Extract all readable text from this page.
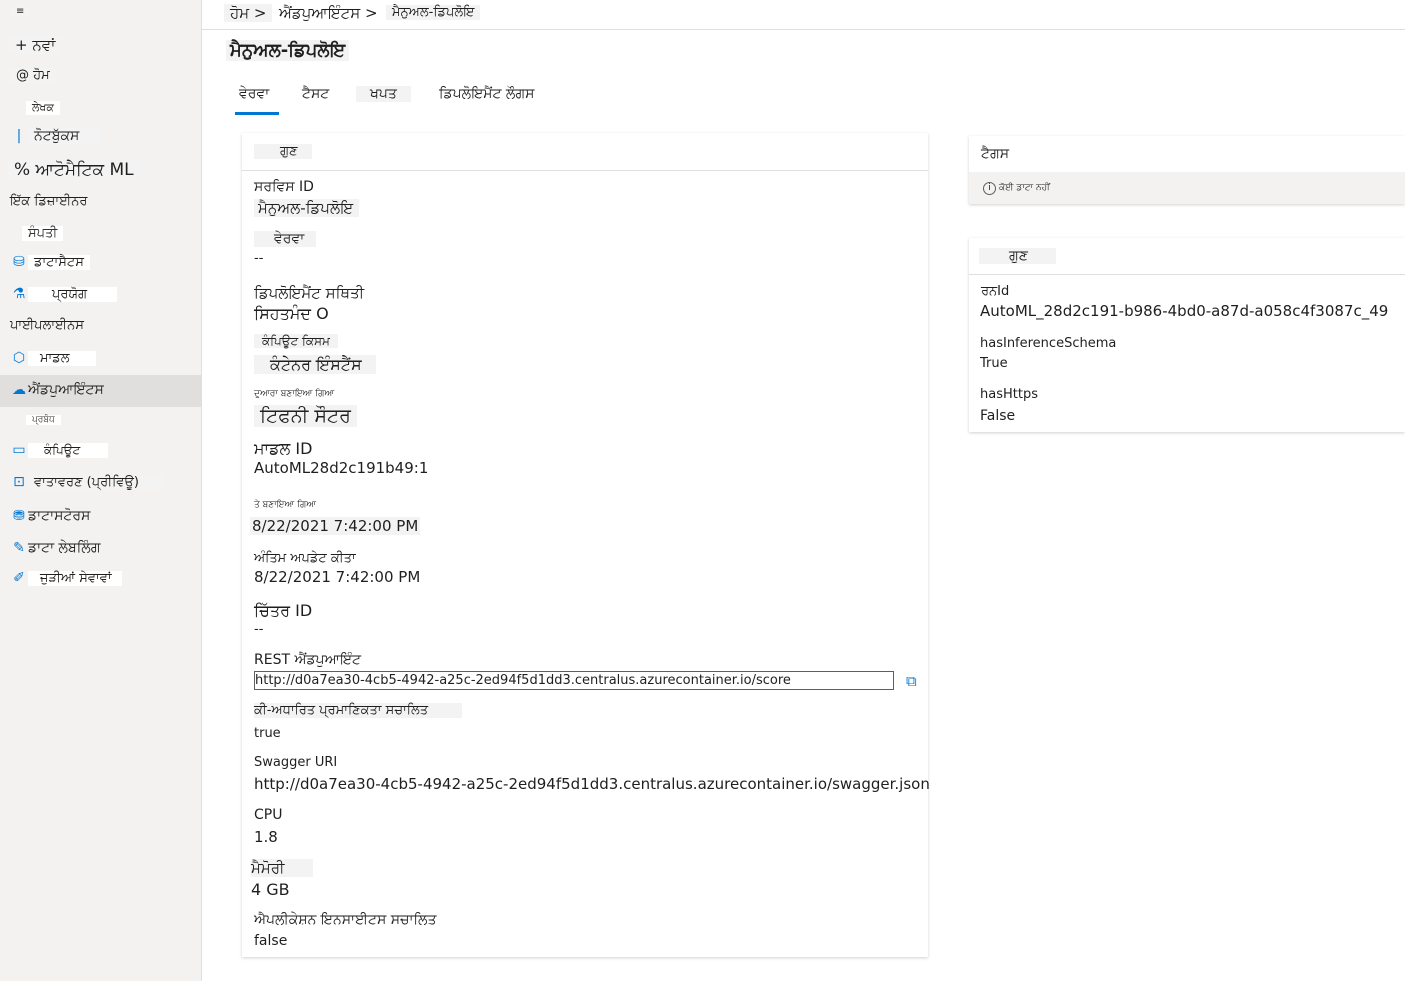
≡
+ ਨਵਾਂ
@ ਹੋਮ
ਲੇਖਕ
| ਨੋਟਬੁੱਕਸ
% ਆਟੋਮੈਟਿਕ ML
ਇੱਕ ਡਿਜ਼ਾਈਨਰ
ਸੰਪਤੀ
⛁ ਡਾਟਾਸੈਟਸ
⚗	ਪ੍ਰਯੋਗ
ਪਾਈਪਲਾਈਨਸ
⬡	ਮਾਡਲ
☁ ਐਂਡਪੁਆਇੰਟਸ
ਪ੍ਰਬੰਧ
▭	ਕੰਪਿਊਟ
⊡ ਵਾਤਾਵਰਣ (ਪ੍ਰੀਵਿਊ)
⛃ ਡਾਟਾਸਟੋਰਸ
✎ ਡਾਟਾ ਲੇਬਲਿੰਗ
✐	ਜੁੜੀਆਂ ਸੇਵਾਵਾਂ
ਹੋਮ > ਐਂਡਪੁਆਇੰਟਸ >	ਮੈਨੁਅਲ-ਡਿਪਲੋਇ
ਮੈਨੁਅਲ-ਡਿਪਲੋਇ
ਵੇਰਵਾ ਟੈਸਟ	ਖਪਤ	ਡਿਪਲੋਇਮੈਂਟ ਲੌਗਸ
ਗੁਣ
ਸਰਵਿਸ ID
ਮੈਨੁਅਲ-ਡਿਪਲੋਇ
ਵੇਰਵਾ
--
ਡਿਪਲੋਇਮੈਂਟ ਸਥਿਤੀ
ਸਿਹਤਮੰਦ O
ਕੰਪਿਊਟ ਕਿਸਮ
ਕੰਟੇਨਰ ਇੰਸਟੈਂਸ
ਦੁਆਰਾ ਬਣਾਇਆ ਗਿਆ
ਟਿਫਨੀ ਸੌਟਰ
ਮਾਡਲ ID
AutoML28d2c191b49:1
ਤੇ ਬਣਾਇਆ ਗਿਆ
8/22/2021 7:42:00 PM
ਅੰਤਿਮ ਅਪਡੇਟ ਕੀਤਾ
8/22/2021 7:42:00 PM
ਚਿੱਤਰ ID
--
REST ਐਂਡਪੁਆਇੰਟ
http://d0a7ea30-4cb5-4942-a25c-2ed94f5d1dd3.centralus.azurecontainer.io/score	⧉
ਕੀ-ਅਧਾਰਿਤ ਪ੍ਰਮਾਣਿਕਤਾ ਸਚਾਲਿਤ
true
Swagger URI
http://d0a7ea30-4cb5-4942-a25c-2ed94f5d1dd3.centralus.azurecontainer.io/swagger.json
CPU
1.8
ਮੈਮੋਰੀ
4 GB
ਐਪਲੀਕੇਸ਼ਨ ਇਨਸਾਈਟਸ ਸਚਾਲਿਤ
false
ਟੈਗਸ
i ਕੋਈ ਡਾਟਾ ਨਹੀਂ
ਗੁਣ
ਰਨId
AutoML_28d2c191-b986-4bd0-a87d-a058c4f3087c_49
hasInferenceSchema
True
hasHttps
False
